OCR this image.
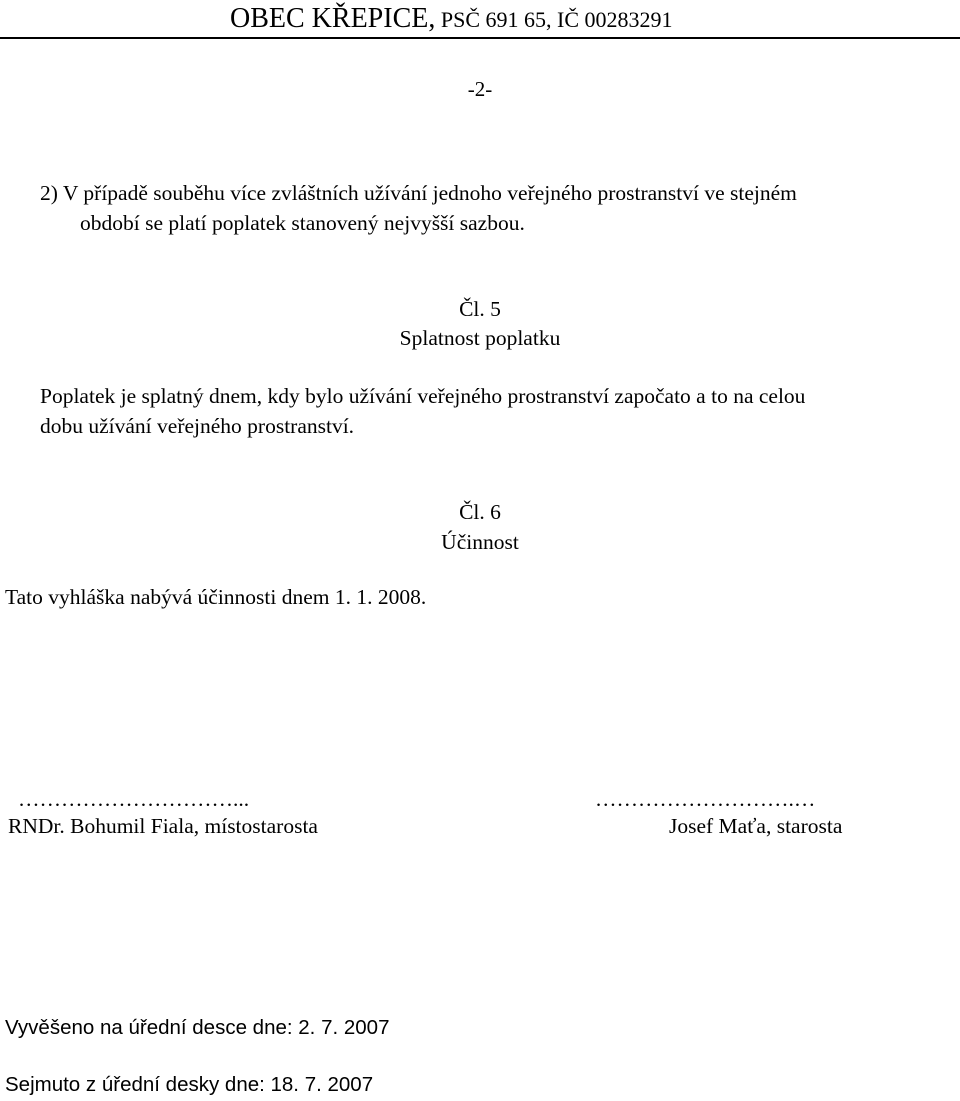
OBEC KŘEPICE, PSČ 691 65, IČ 00283291
-2-
2) V případě souběhu více zvláštních užívání jednoho veřejného prostranství ve stejném
období se platí poplatek stanovený nejvyšší sazbou.
Čl. 5
Splatnost poplatku
Poplatek je splatný dnem, kdy bylo užívání veřejného prostranství započato a to na celou
dobu užívání veřejného prostranství.
Čl. 6
Účinnost
Tato vyhláška nabývá účinnosti dnem 1. 1. 2008.
…………………………...	……………………….…
RNDr. Bohumil Fiala, místostarosta	Josef Maťa, starosta
Vyvěšeno na úřední desce dne: 2. 7. 2007
Sejmuto z úřední desky dne: 18. 7. 2007
